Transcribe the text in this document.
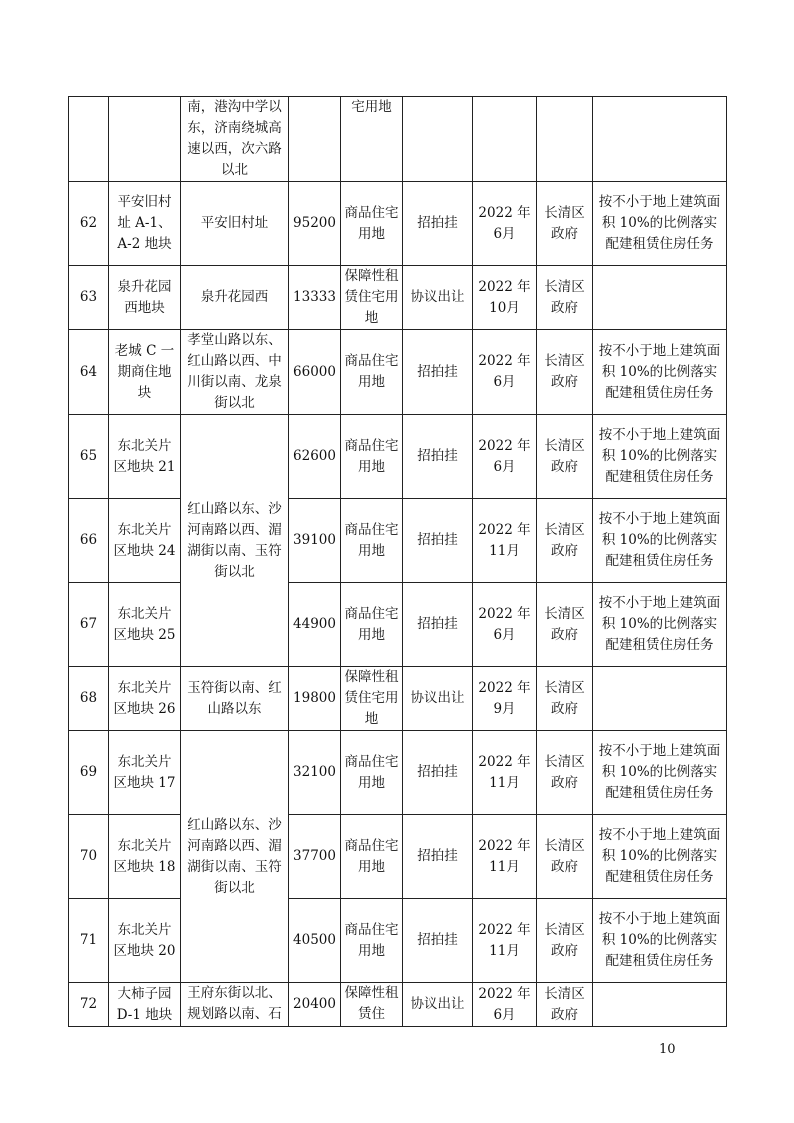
		南，港沟中学以东，济南绕城高速以西，次六路以北		宅用地				
62	平安旧村址 A-1、A-2 地块	平安旧村址	95200	商品住宅用地	招拍挂	2022 年 6月	长清区政府	按不小于地上建筑面积 10%的比例落实配建租赁住房任务
63	泉升花园西地块	泉升花园西	13333	保障性租赁住宅用地	协议出让	2022 年 10月	长清区政府	
64	老城 C 一期商住地块	孝堂山路以东、红山路以西、中川街以南、龙泉街以北	66000	商品住宅用地	招拍挂	2022 年 6月	长清区政府	按不小于地上建筑面积 10%的比例落实配建租赁住房任务
65	东北关片区地块 21	红山路以东、沙河南路以西、湄湖街以南、玉符街以北	62600	商品住宅用地	招拍挂	2022 年 6月	长清区政府	按不小于地上建筑面积 10%的比例落实配建租赁住房任务
66	东北关片区地块 24		39100	商品住宅用地	招拍挂	2022 年 11月	长清区政府	按不小于地上建筑面积 10%的比例落实配建租赁住房任务
67	东北关片区地块 25		44900	商品住宅用地	招拍挂	2022 年 6月	长清区政府	按不小于地上建筑面积 10%的比例落实配建租赁住房任务
68	东北关片区地块 26	玉符街以南、红山路以东	19800	保障性租赁住宅用地	协议出让	2022 年 9月	长清区政府	
69	东北关片区地块 17	红山路以东、沙河南路以西、湄湖街以南、玉符街以北	32100	商品住宅用地	招拍挂	2022 年 11月	长清区政府	按不小于地上建筑面积 10%的比例落实配建租赁住房任务
70	东北关片区地块 18		37700	商品住宅用地	招拍挂	2022 年 11月	长清区政府	按不小于地上建筑面积 10%的比例落实配建租赁住房任务
71	东北关片区地块 20		40500	商品住宅用地	招拍挂	2022 年 11月	长清区政府	按不小于地上建筑面积 10%的比例落实配建租赁住房任务
72	大柿子园 D-1 地块	王府东街以北、规划路以南、石	20400	保障性租赁住	协议出让	2022 年 6月	长清区政府	
10
